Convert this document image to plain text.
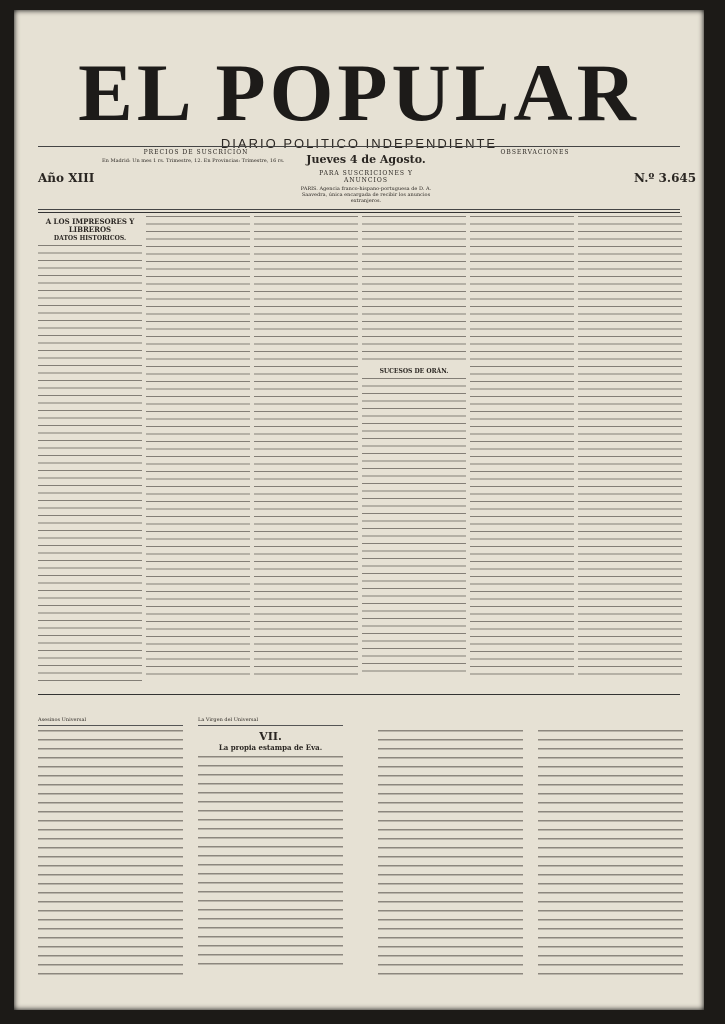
EL POPULAR
DIARIO POLITICO INDEPENDIENTE
Año XIII
PRECIOS DE SUSCRICION
En Madrid: Un mes 1 rs. Trimestre, 12. En Provincias: Trimestre, 16 rs.	Jueves 4 de Agosto.
PARA SUSCRICIONES Y ANUNCIOS
PARIS. Agencia franco-hispano-portuguesa de D. A. Saavedra, única encargada de recibir los anuncios extranjeros.
OBSERVACIONES
N.º 3.645
A LOS IMPRESORES Y LIBREROS
DATOS HISTORICOS.
SUCESOS DE ORÁN.
Asesinos Universal	La Virgen del Universal
VII.
La propia estampa de Eva.
